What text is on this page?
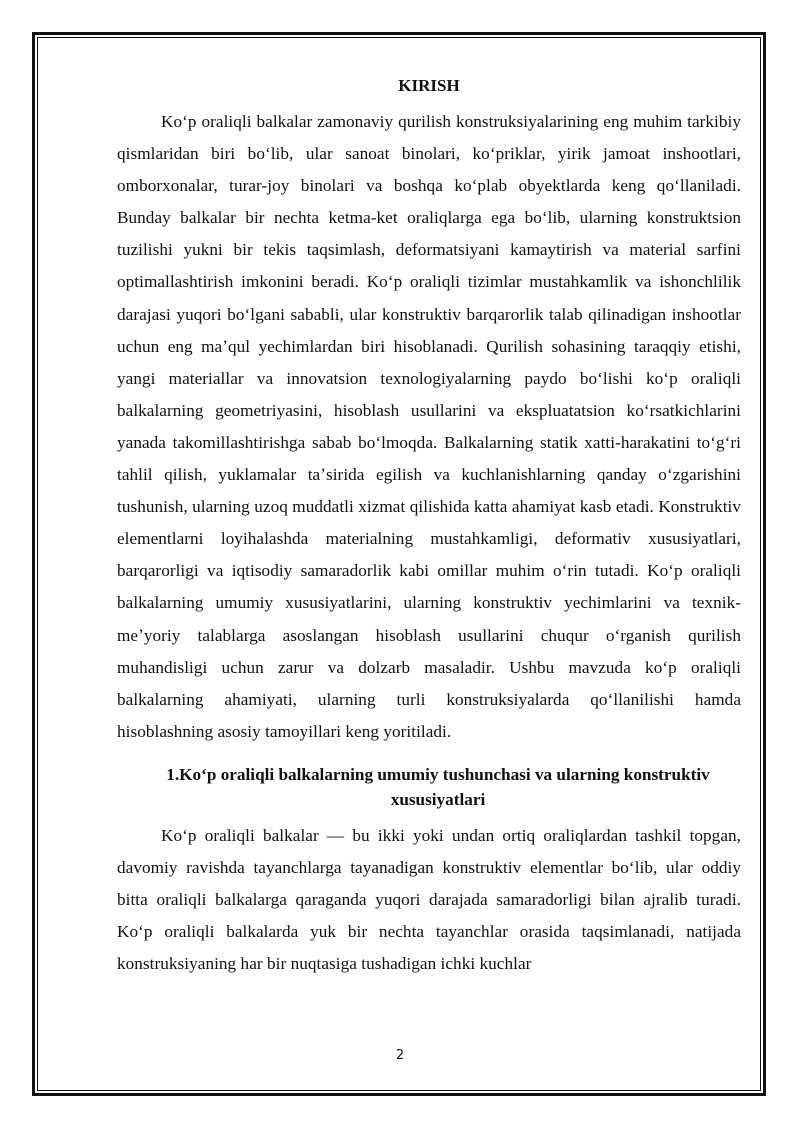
KIRISH

Koʻp oraliqli balkalar zamonaviy qurilish konstruksiyalarining eng muhim tarkibiy qismlaridan biri boʻlib, ular sanoat binolari, koʻpriklar, yirik jamoat inshootlari, omborxonalar, turar-joy binolari va boshqa koʻplab obyektlarda keng qoʻllaniladi. Bunday balkalar bir nechta ketma-ket oraliqlarga ega boʻlib, ularning konstruktsion tuzilishi yukni bir tekis taqsimlash, deformatsiyani kamaytirish va material sarfini optimallashtirish imkonini beradi. Koʻp oraliqli tizimlar mustahkamlik va ishonchlilik darajasi yuqori boʻlgani sababli, ular konstruktiv barqarorlik talab qilinadigan inshootlar uchun eng maʼqul yechimlardan biri hisoblanadi. Qurilish sohasining taraqqiy etishi, yangi materiallar va innovatsion texnologiyalarning paydo boʻlishi koʻp oraliqli balkalarning geometriyasini, hisoblash usullarini va ekspluatatsion koʻrsatkichlarini yanada takomillashtirishga sabab boʻlmoqda. Balkalarning statik xatti-harakatini toʻgʻri tahlil qilish, yuklamalar taʼsirida egilish va kuchlanishlarning qanday oʻzgarishini tushunish, ularning uzoq muddatli xizmat qilishida katta ahamiyat kasb etadi. Konstruktiv elementlarni loyihalashda materialning mustahkamligi, deformativ xususiyatlari, barqarorligi va iqtisodiy samaradorlik kabi omillar muhim oʻrin tutadi. Koʻp oraliqli balkalarning umumiy xususiyatlarini, ularning konstruktiv yechimlarini va texnik-meʼyoriy talablarga asoslangan hisoblash usullarini chuqur oʻrganish qurilish muhandisligi uchun zarur va dolzarb masaladir. Ushbu mavzuda koʻp oraliqli balkalarning ahamiyati, ularning turli konstruksiyalarda qoʻllanilishi hamda hisoblashning asosiy tamoyillari keng yoritiladi.

1.Koʻp oraliqli balkalarning umumiy tushunchasi va ularning konstruktiv xususiyatlari

Koʻp oraliqli balkalar — bu ikki yoki undan ortiq oraliqlardan tashkil topgan, davomiy ravishda tayanchlarga tayanadigan konstruktiv elementlar boʻlib, ular oddiy bitta oraliqli balkalarga qaraganda yuqori darajada samaradorligi bilan ajralib turadi. Koʻp oraliqli balkalarda yuk bir nechta tayanchlar orasida taqsimlanadi, natijada konstruksiyaning har bir nuqtasiga tushadigan ichki kuchlar

2
